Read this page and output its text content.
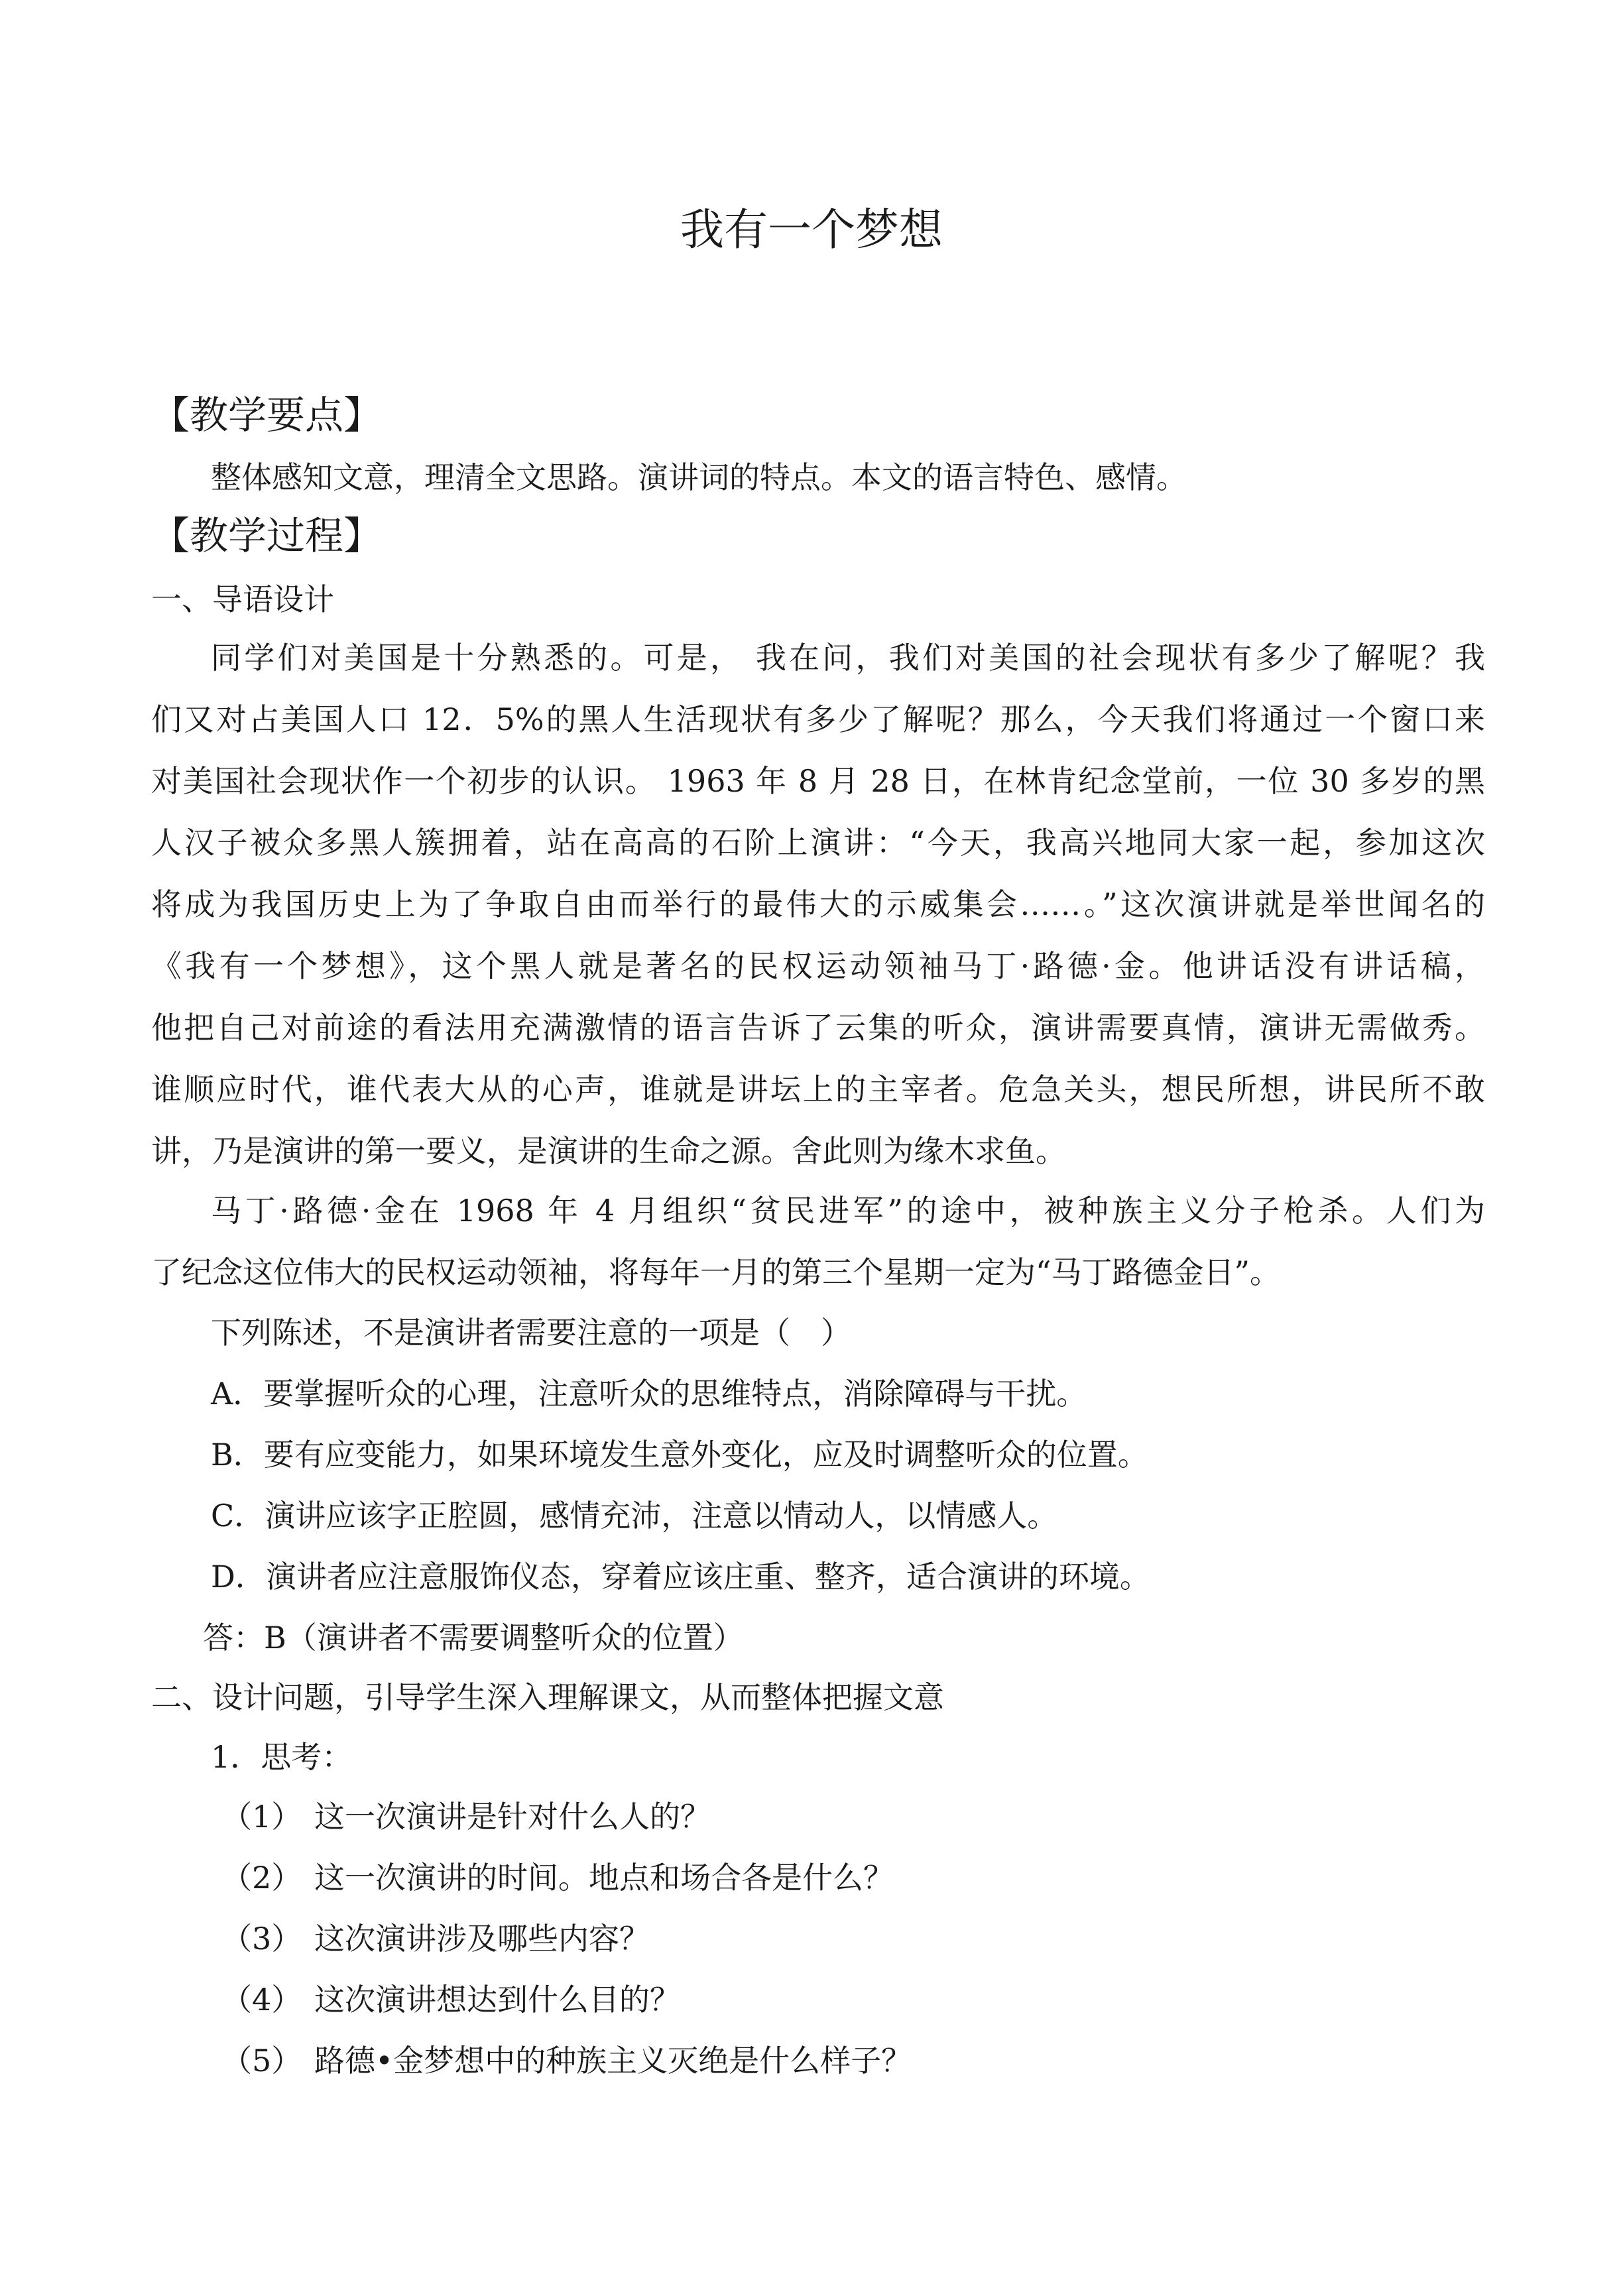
我有一个梦想
【教学要点】
整体感知文意，理清全文思路。演讲词的特点。本文的语言特色、感情。
【教学过程】
一、导语设计
同学们对美国是十分熟悉的。可是， 我在问，我们对美国的社会现状有多少了解呢？我
们又对占美国人口 12．5%的黑人生活现状有多少了解呢？那么，今天我们将通过一个窗口来
对美国社会现状作一个初步的认识。 1963 年 8 月 28 日，在林肯纪念堂前，一位 30 多岁的黑
人汉子被众多黑人簇拥着，站在高高的石阶上演讲：“今天，我高兴地同大家一起，参加这次
将成为我国历史上为了争取自由而举行的最伟大的示威集会……。”这次演讲就是举世闻名的
《我有一个梦想》，这个黑人就是著名的民权运动领袖马丁·路德·金。他讲话没有讲话稿，
他把自己对前途的看法用充满激情的语言告诉了云集的听众，演讲需要真情，演讲无需做秀。
谁顺应时代，谁代表大从的心声，谁就是讲坛上的主宰者。危急关头，想民所想，讲民所不敢
讲，乃是演讲的第一要义，是演讲的生命之源。舍此则为缘木求鱼。
马丁·路德·金在 1968 年 4 月组织“贫民进军”的途中，被种族主义分子枪杀。人们为
了纪念这位伟大的民权运动领袖，将每年一月的第三个星期一定为“马丁路德金日”。
下列陈述，不是演讲者需要注意的一项是（　）
A．要掌握听众的心理，注意听众的思维特点，消除障碍与干扰。
B．要有应变能力，如果环境发生意外变化，应及时调整听众的位置。
C．演讲应该字正腔圆，感情充沛，注意以情动人，以情感人。
D．演讲者应注意服饰仪态，穿着应该庄重、整齐，适合演讲的环境。
答：B（演讲者不需要调整听众的位置）
二、设计问题，引导学生深入理解课文，从而整体把握文意
1．思考：
（1） 这一次演讲是针对什么人的？
（2） 这一次演讲的时间。地点和场合各是什么？
（3） 这次演讲涉及哪些内容？
（4） 这次演讲想达到什么目的？
（5） 路德•金梦想中的种族主义灭绝是什么样子？
